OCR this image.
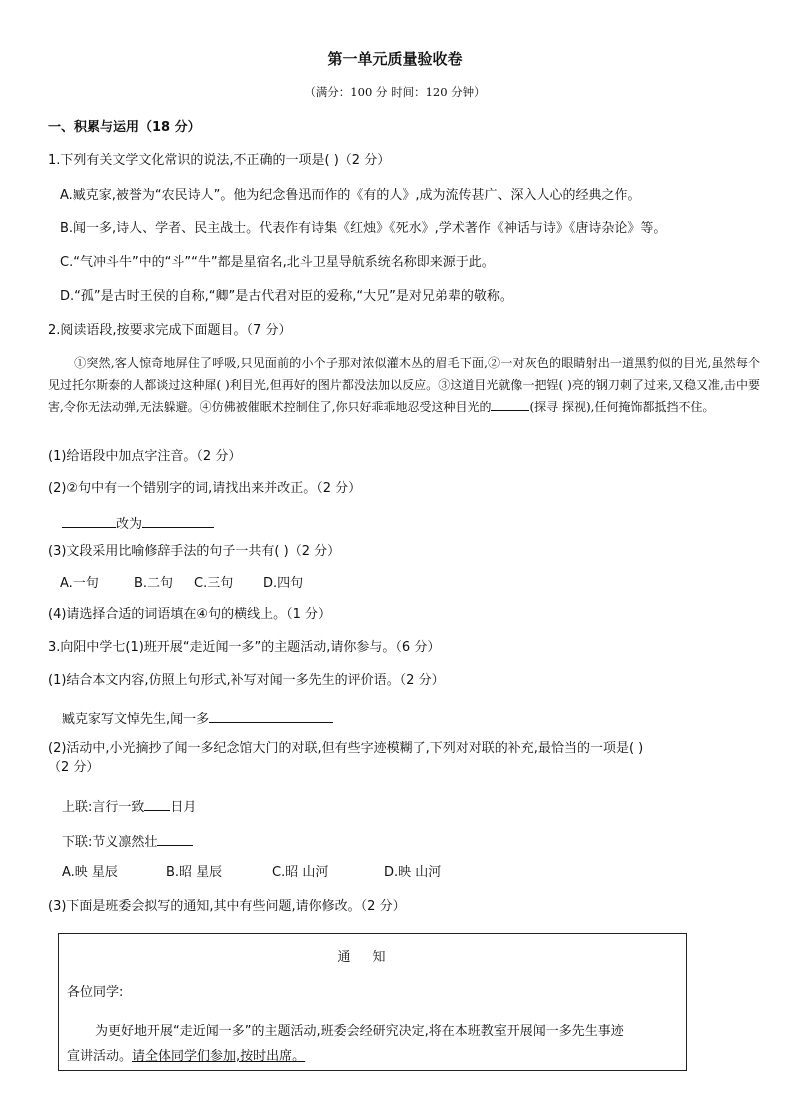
第一单元质量验收卷
（满分：100 分 时间：120 分钟）
一、积累与运用（18 分）
1.下列有关文学文化常识的说法,不正确的一项是( )（2 分）
A.臧克家,被誉为“农民诗人”。他为纪念鲁迅而作的《有的人》,成为流传甚广、深入人心的经典之作。
B.闻一多,诗人、学者、民主战士。代表作有诗集《红烛》《死水》,学术著作《神话与诗》《唐诗杂论》等。
C.“气冲斗牛”中的“斗”“牛”都是星宿名,北斗卫星导航系统名称即来源于此。
D.“孤”是古时王侯的自称,“卿”是古代君对臣的爱称,“大兄”是对兄弟辈的敬称。
2.阅读语段,按要求完成下面题目。（7 分）
①突然,客人惊奇地屏住了呼吸,只见面前的小个子那对浓似灌木丛的眉毛下面,②一对灰色的眼睛射出一道黑豹似的目光,虽然每个见过托尔斯泰的人都谈过这种犀( )利目光,但再好的图片都没法加以反应。③这道目光就像一把锃( )亮的钢刀刺了过来,又稳又准,击中要害,令你无法动弹,无法躲避。④仿佛被催眠术控制住了,你只好乖乖地忍受这种目光的	(探寻 探视),任何掩饰都抵挡不住。
(1)给语段中加点字注音。（2 分）
(2)②句中有一个错别字的词,请找出来并改正。（2 分）
改为
(3)文段采用比喻修辞手法的句子一共有( )（2 分）
A.一句	B.二句 C.三句 D.四句
(4)请选择合适的词语填在④句的横线上。（1 分）
3.向阳中学七(1)班开展“走近闻一多”的主题活动,请你参与。（6 分）
(1)结合本文内容,仿照上句形式,补写对闻一多先生的评价语。（2 分）
臧克家写文悼先生,闻一多
(2)活动中,小光摘抄了闻一多纪念馆大门的对联,但有些字迹模糊了,下列对对联的补充,最恰当的一项是( )
（2 分）
上联:言行一致 日月
下联:节义凛然壮
A.映 星辰	B.昭 星辰	C.昭 山河	D.映 山河
(3)下面是班委会拟写的通知,其中有些问题,请你修改。（2 分）
通知
各位同学:
为更好地开展“走近闻一多”的主题活动,班委会经研究决定,将在本班教室开展闻一多先生事迹
宣讲活动。请全体同学们参加,按时出席。
